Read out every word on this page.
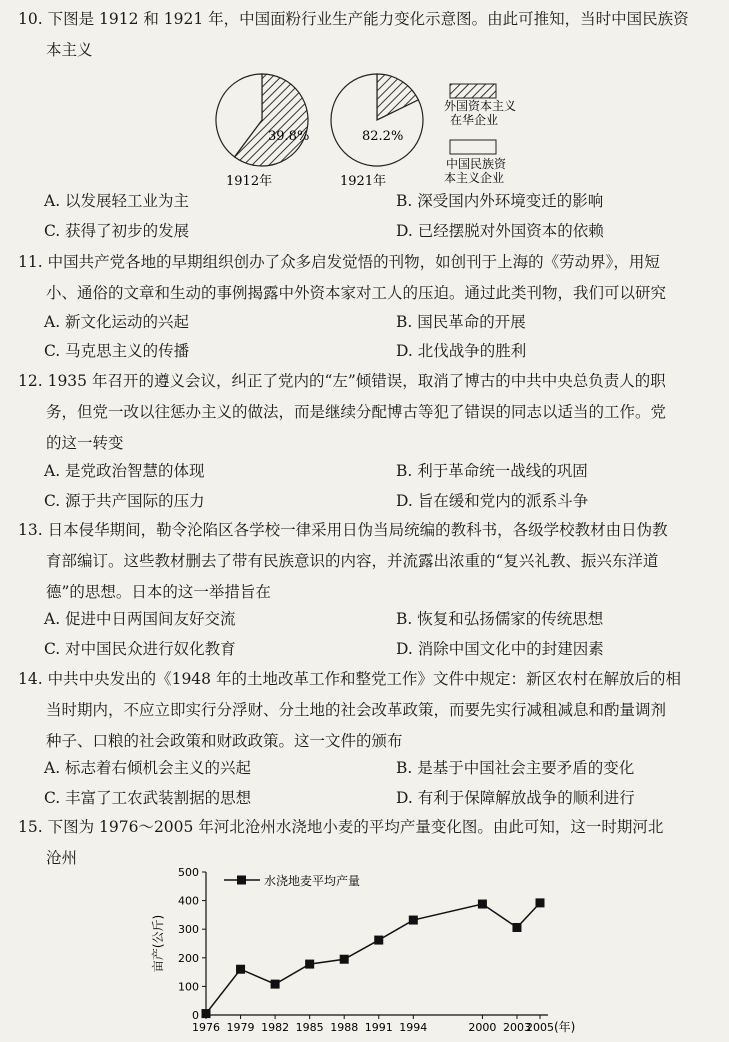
10. 下图是 1912 和 1921 年，中国面粉行业生产能力变化示意图。由此可推知，当时中国民族资
本主义
39.8%
1912年
82.2%
1921年
外国资本主义
在华企业
中国民族资
本主义企业
A. 以发展轻工业为主	B. 深受国内外环境变迁的影响
C. 获得了初步的发展	D. 已经摆脱对外国资本的依赖
11. 中国共产党各地的早期组织创办了众多启发觉悟的刊物，如创刊于上海的《劳动界》，用短
小、通俗的文章和生动的事例揭露中外资本家对工人的压迫。通过此类刊物，我们可以研究
A. 新文化运动的兴起	B. 国民革命的开展
C. 马克思主义的传播	D. 北伐战争的胜利
12. 1935 年召开的遵义会议，纠正了党内的“左”倾错误，取消了博古的中共中央总负责人的职
务，但党一改以往惩办主义的做法，而是继续分配博古等犯了错误的同志以适当的工作。党
的这一转变
A. 是党政治智慧的体现	B. 利于革命统一战线的巩固
C. 源于共产国际的压力	D. 旨在缓和党内的派系斗争
13. 日本侵华期间，勒令沦陷区各学校一律采用日伪当局统编的教科书，各级学校教材由日伪教
育部编订。这些教材删去了带有民族意识的内容，并流露出浓重的“复兴礼教、振兴东洋道
德”的思想。日本的这一举措旨在
A. 促进中日两国间友好交流	B. 恢复和弘扬儒家的传统思想
C. 对中国民众进行奴化教育	D. 消除中国文化中的封建因素
14. 中共中央发出的《1948 年的土地改革工作和整党工作》文件中规定：新区农村在解放后的相
当时期内，不应立即实行分浮财、分土地的社会改革政策，而要先实行减租减息和酌量调剂
种子、口粮的社会政策和财政政策。这一文件的颁布
A. 标志着右倾机会主义的兴起	B. 是基于中国社会主要矛盾的变化
C. 丰富了工农武装割据的思想	D. 有利于保障解放战争的顺利进行
15. 下图为 1976～2005 年河北沧州水浇地小麦的平均产量变化图。由此可知，这一时期河北
沧州
0
100
200
300
400
500
1976 1979 1982 1985 1988 1991 1994	2000 2003
2005
水浇地麦平均产量
亩产(公斤)
(年)
